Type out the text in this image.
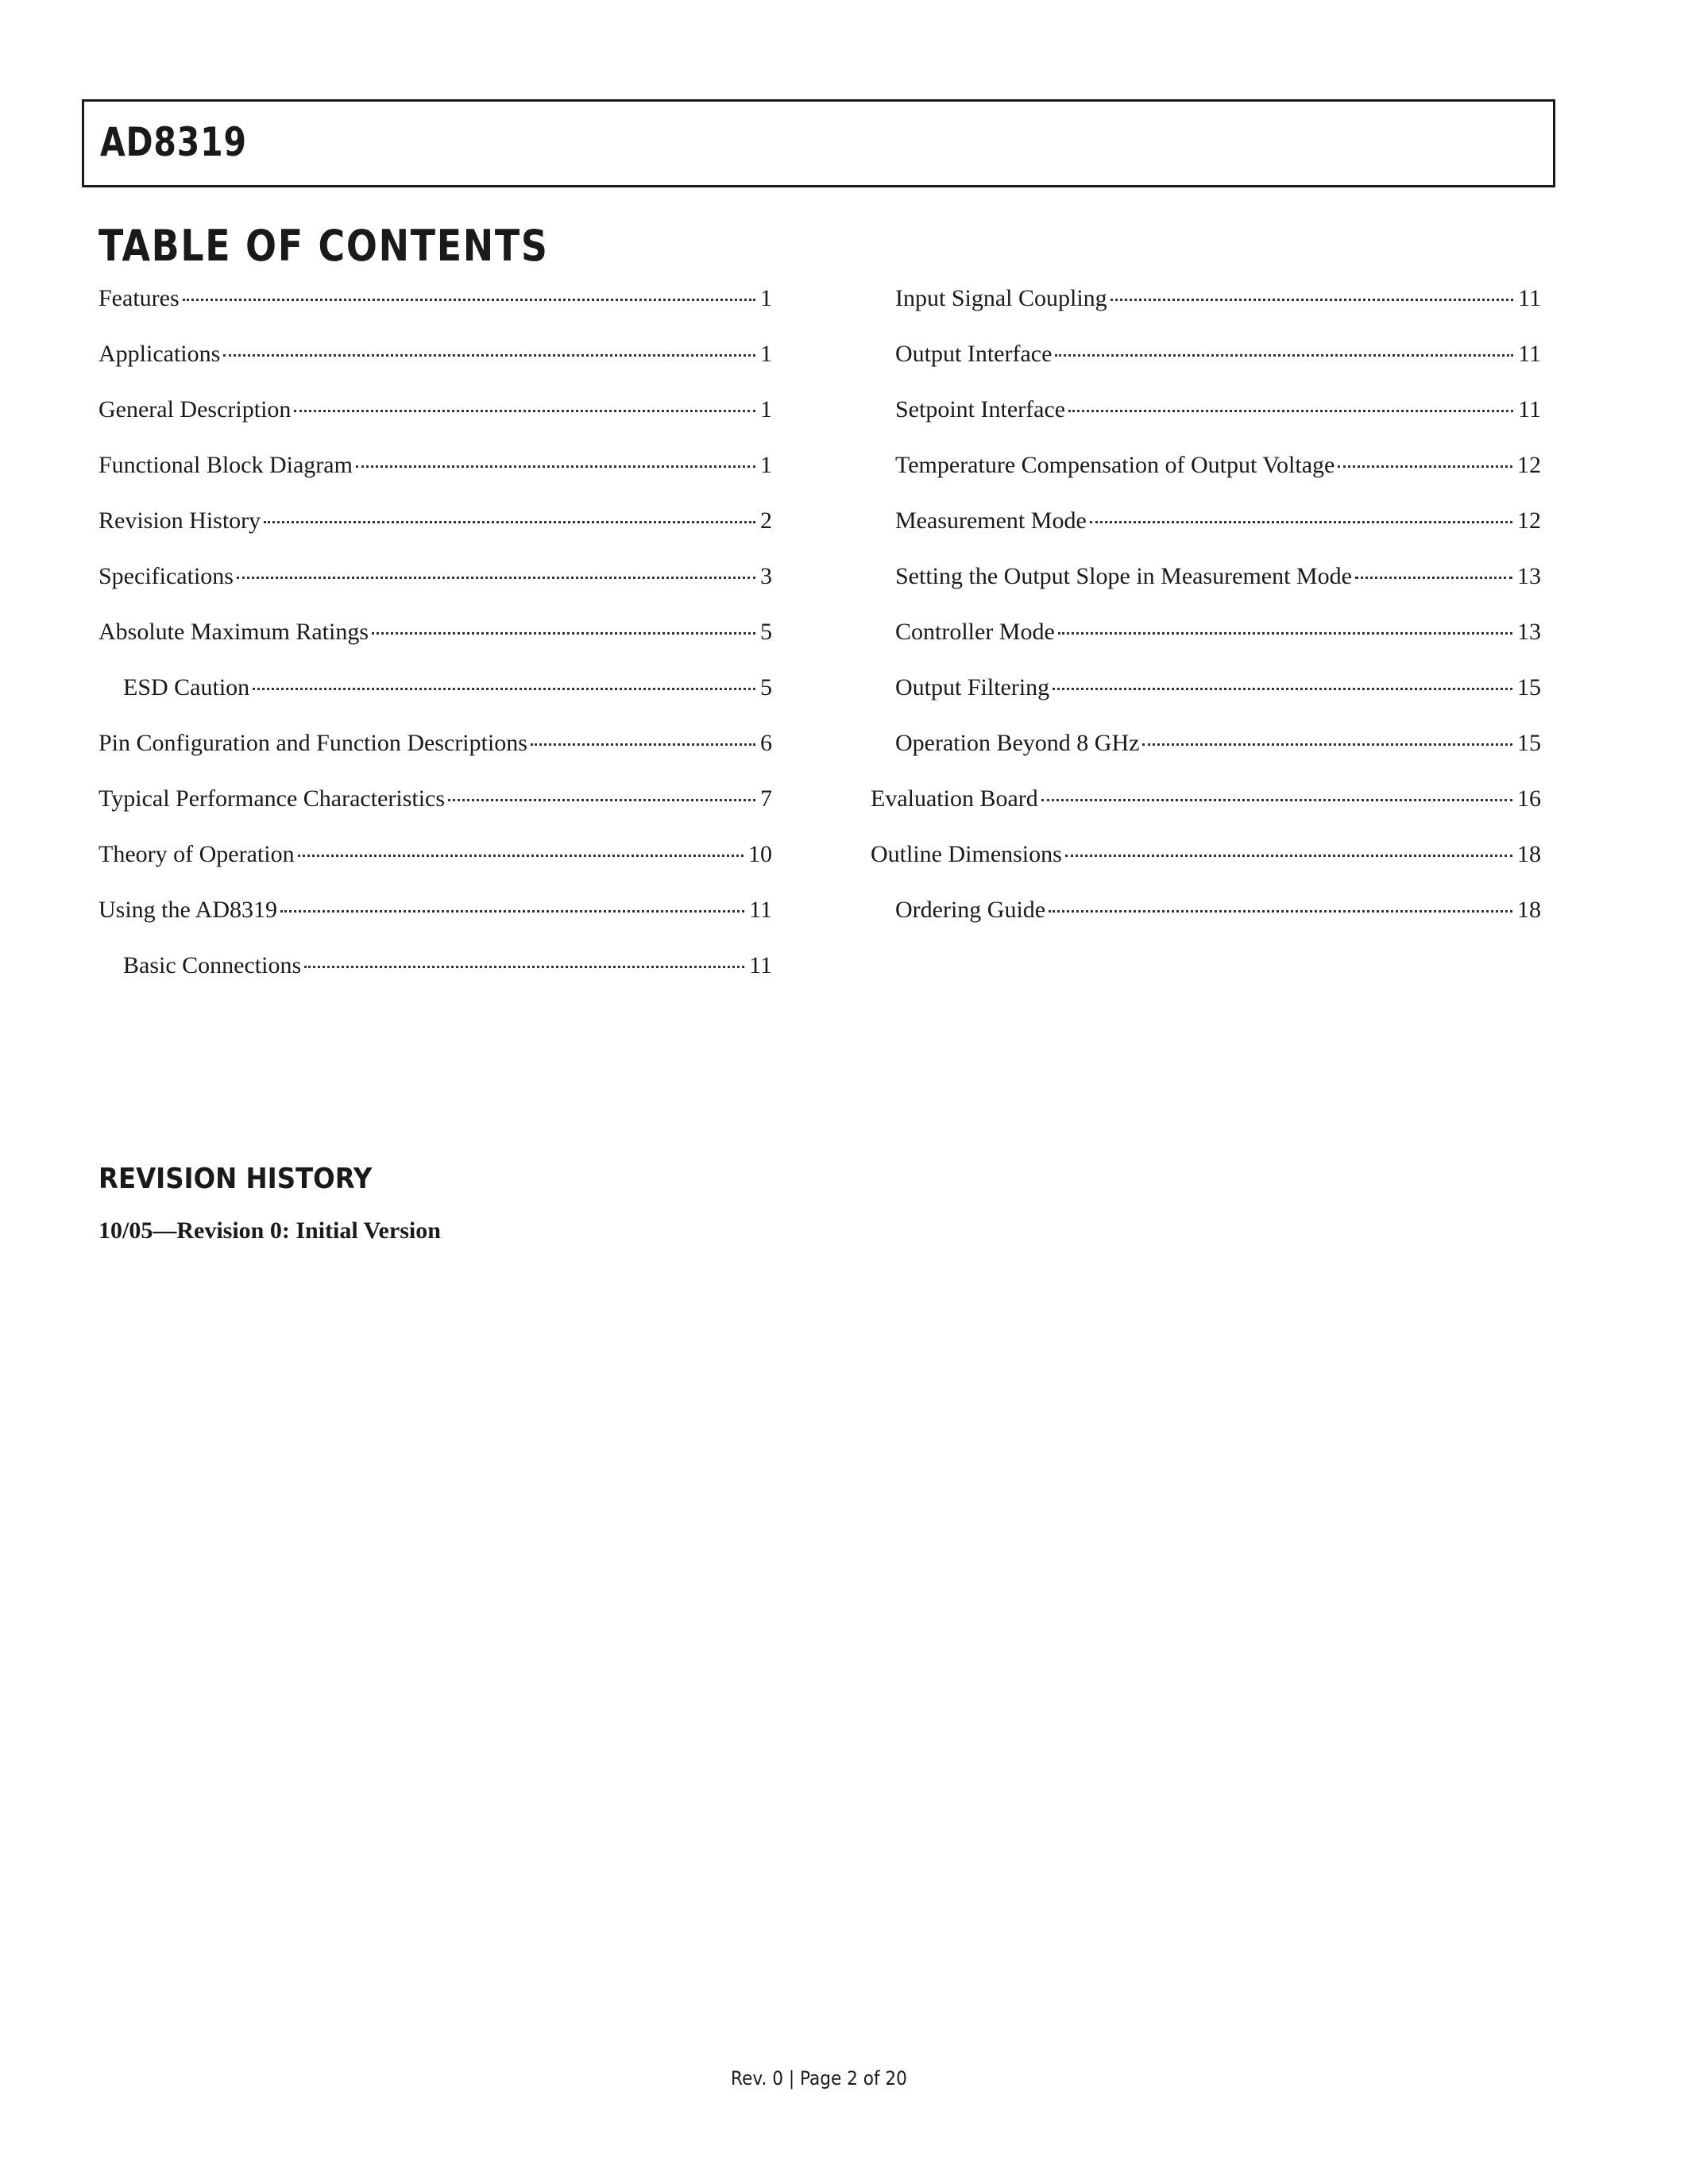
AD8319
TABLE OF CONTENTS
Features	1
Applications	1
General Description	1
Functional Block Diagram	1
Revision History	2
Specifications	3
Absolute Maximum Ratings	5
ESD Caution	5
Pin Configuration and Function Descriptions	6
Typical Performance Characteristics	7
Theory of Operation	10
Using the AD8319	11
Basic Connections	11
Input Signal Coupling	11
Output Interface	11
Setpoint Interface	11
Temperature Compensation of Output Voltage	12
Measurement Mode	12
Setting the Output Slope in Measurement Mode	13
Controller Mode	13
Output Filtering	15
Operation Beyond 8 GHz	15
Evaluation Board	16
Outline Dimensions	18
Ordering Guide	18
REVISION HISTORY
10/05—Revision 0: Initial Version
Rev. 0 | Page 2 of 20
